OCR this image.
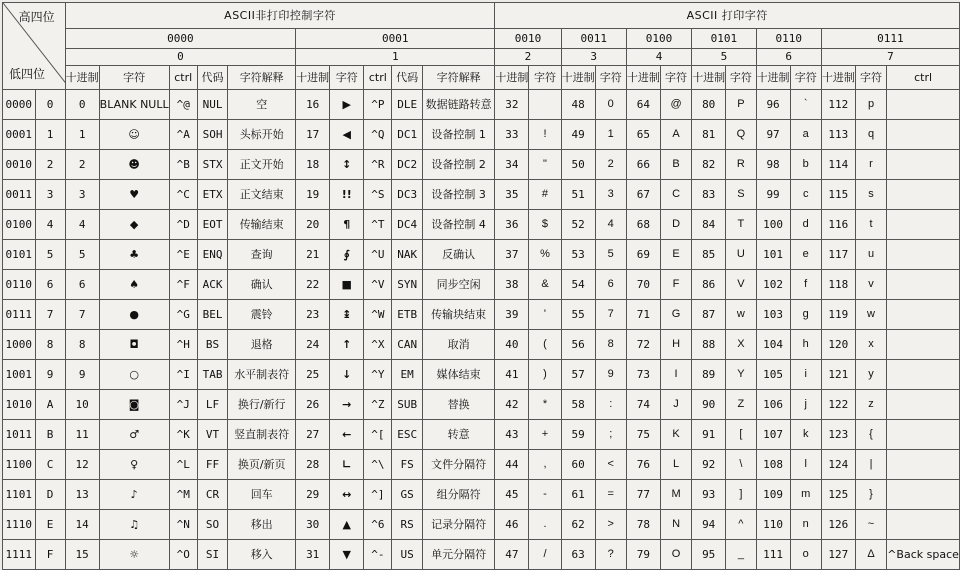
高四位
低四位		ASCII非打印控制字符										ASCII 打印字符												
		0000					0001					0010		0011		0100		0101		0110		0111		
		0					1					2		3		4		5		6		7		
		十进制	字符	ctrl	代码	字符解释	十进制	字符	ctrl	代码	字符解释	十进制	字符	十进制	字符	十进制	字符	十进制	字符	十进制	字符	十进制	字符	ctrl
0000	0	0	BLANK NULL	^@	NUL	空	16	▶	^P	DLE	数据链路转意	32		48	0	64	@	80	P	96	`	112	p	
0001	1	1	☺	^A	SOH	头标开始	17	◀	^Q	DC1	设备控制 1	33	!	49	1	65	A	81	Q	97	a	113	q	
0010	2	2	☻	^B	STX	正文开始	18	↕	^R	DC2	设备控制 2	34	"	50	2	66	B	82	R	98	b	114	r	
0011	3	3	♥	^C	ETX	正文结束	19	!!	^S	DC3	设备控制 3	35	#	51	3	67	C	83	S	99	c	115	s	
0100	4	4	◆	^D	EOT	传输结束	20	¶	^T	DC4	设备控制 4	36	$	52	4	68	D	84	T	100	d	116	t	
0101	5	5	♣	^E	ENQ	查询	21	∮	^U	NAK	反确认	37	%	53	5	69	E	85	U	101	e	117	u	
0110	6	6	♠	^F	ACK	确认	22	■	^V	SYN	同步空闲	38	&	54	6	70	F	86	V	102	f	118	v	
0111	7	7	●	^G	BEL	震铃	23	↨	^W	ETB	传输块结束	39	'	55	7	71	G	87	w	103	g	119	w	
1000	8	8	◘	^H	BS	退格	24	↑	^X	CAN	取消	40	(	56	8	72	H	88	X	104	h	120	x	
1001	9	9	○	^I	TAB	水平制表符	25	↓	^Y	EM	媒体结束	41	)	57	9	73	I	89	Y	105	i	121	y	
1010	A	10	◙	^J	LF	换行/新行	26	→	^Z	SUB	替换	42	*	58	:	74	J	90	Z	106	j	122	z	
1011	B	11	♂	^K	VT	竖直制表符	27	←	^[	ESC	转意	43	+	59	;	75	K	91	[	107	k	123	{	
1100	C	12	♀	^L	FF	换页/新页	28	∟	^\	FS	文件分隔符	44	,	60	<	76	L	92	\	108	l	124	|	
1101	D	13	♪	^M	CR	回车	29	↔	^]	GS	组分隔符	45	-	61	=	77	M	93	]	109	m	125	}	
1110	E	14	♫	^N	SO	移出	30	▲	^6	RS	记录分隔符	46	.	62	>	78	N	94	^	110	n	126	~	
1111	F	15	☼	^O	SI	移入	31	▼	^-	US	单元分隔符	47	/	63	?	79	O	95	_	111	o	127	Δ	^Back space
